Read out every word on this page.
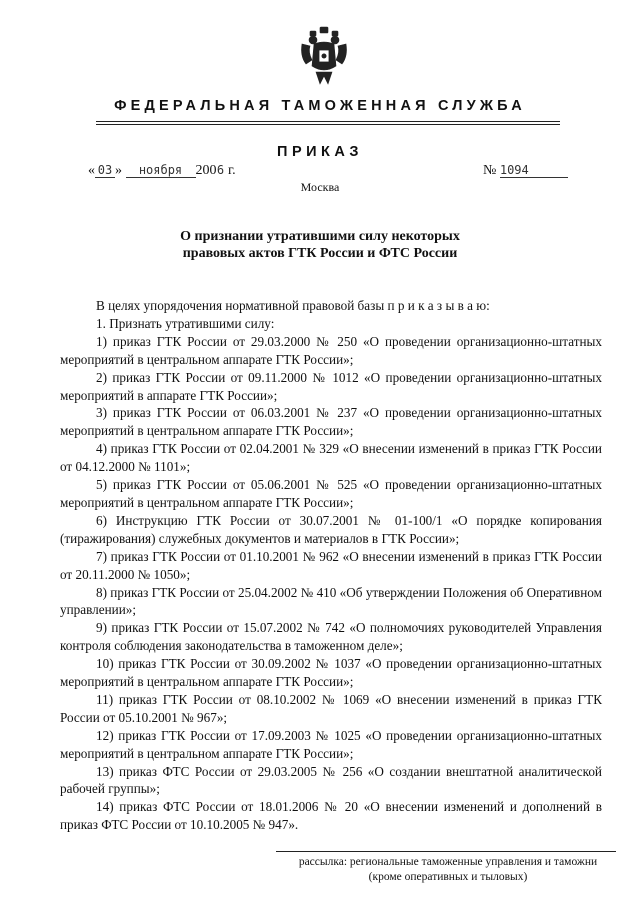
ФЕДЕРАЛЬНАЯ ТАМОЖЕННАЯ СЛУЖБА
ПРИКАЗ
« 03 » ноября 2006 г.	№ 1094
Москва
О признании утратившими силу некоторых
правовых актов ГТК России и ФТС России

В целях упорядочения нормативной правовой базы п р и к а з ы в а ю:

1. Признать утратившими силу:

1) приказ ГТК России от 29.03.2000 № 250 «О проведении организационно-штатных мероприятий в центральном аппарате ГТК России»;

2) приказ ГТК России от 09.11.2000 № 1012 «О проведении организационно-штатных мероприятий в аппарате ГТК России»;

3) приказ ГТК России от 06.03.2001 № 237 «О проведении организационно-штатных мероприятий в центральном аппарате ГТК России»;

4) приказ ГТК России от 02.04.2001 № 329 «О внесении изменений в приказ ГТК России от 04.12.2000 № 1101»;

5) приказ ГТК России от 05.06.2001 № 525 «О проведении организационно-штатных мероприятий в центральном аппарате ГТК России»;

6) Инструкцию ГТК России от 30.07.2001 № 01-100/1 «О порядке копирования (тиражирования) служебных документов и материалов в ГТК России»;

7) приказ ГТК России от 01.10.2001 № 962 «О внесении изменений в приказ ГТК России от 20.11.2000 № 1050»;

8) приказ ГТК России от 25.04.2002 № 410 «Об утверждении Положения об Оперативном управлении»;

9) приказ ГТК России от 15.07.2002 № 742 «О полномочиях руководителей Управления контроля соблюдения законодательства в таможенном деле»;

10) приказ ГТК России от 30.09.2002 № 1037 «О проведении организационно-штатных мероприятий в центральном аппарате ГТК России»;

11) приказ ГТК России от 08.10.2002 № 1069 «О внесении изменений в приказ ГТК России от 05.10.2001 № 967»;

12) приказ ГТК России от 17.09.2003 № 1025 «О проведении организационно-штатных мероприятий в центральном аппарате ГТК России»;

13) приказ ФТС России от 29.03.2005 № 256 «О создании внештатной аналитической рабочей группы»;

14) приказ ФТС России от 18.01.2006 № 20 «О внесении изменений и дополнений в приказ ФТС России от 10.10.2005 № 947».

рассылка: региональные таможенные управления и таможни
(кроме оперативных и тыловых)
